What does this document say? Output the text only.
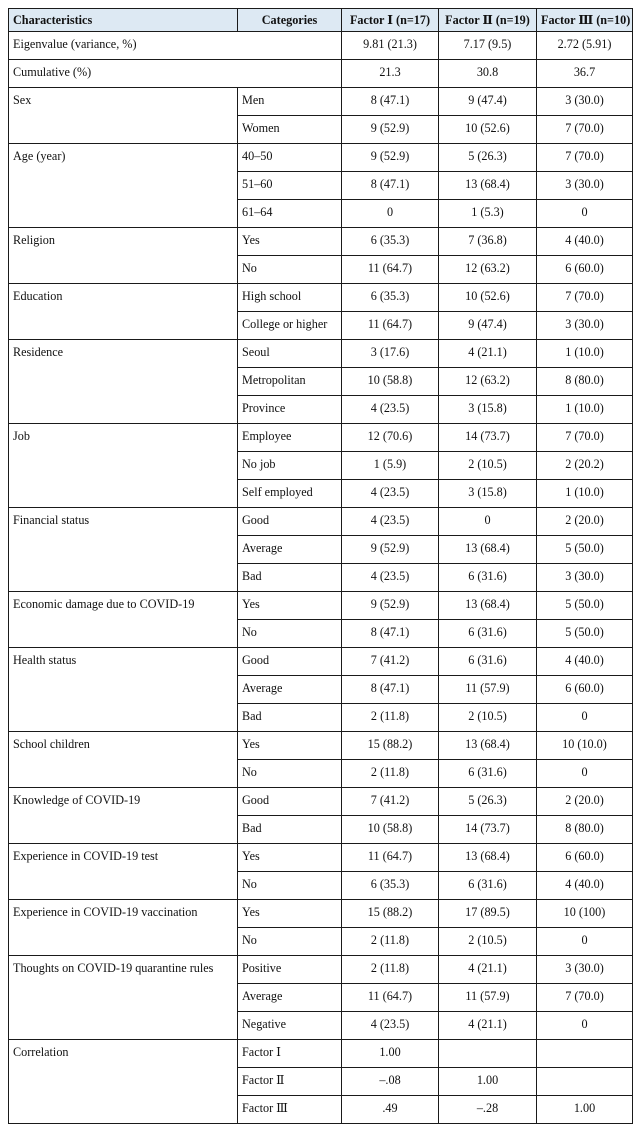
Characteristics	Categories	Factor Ⅰ (n=17)	Factor Ⅱ (n=19)	Factor Ⅲ (n=10)
Eigenvalue (variance, %)		9.81 (21.3)	7.17 (9.5)	2.72 (5.91)
Cumulative (%)		21.3	30.8	36.7
Sex	Men	8 (47.1)	9 (47.4)	3 (30.0)
	Women	9 (52.9)	10 (52.6)	7 (70.0)
Age (year)	40–50	9 (52.9)	5 (26.3)	7 (70.0)
	51–60	8 (47.1)	13 (68.4)	3 (30.0)
	61–64	0	1 (5.3)	0
Religion	Yes	6 (35.3)	7 (36.8)	4 (40.0)
	No	11 (64.7)	12 (63.2)	6 (60.0)
Education	High school	6 (35.3)	10 (52.6)	7 (70.0)
	College or higher	11 (64.7)	9 (47.4)	3 (30.0)
Residence	Seoul	3 (17.6)	4 (21.1)	1 (10.0)
	Metropolitan	10 (58.8)	12 (63.2)	8 (80.0)
	Province	4 (23.5)	3 (15.8)	1 (10.0)
Job	Employee	12 (70.6)	14 (73.7)	7 (70.0)
	No job	1 (5.9)	2 (10.5)	2 (20.2)
	Self employed	4 (23.5)	3 (15.8)	1 (10.0)
Financial status	Good	4 (23.5)	0	2 (20.0)
	Average	9 (52.9)	13 (68.4)	5 (50.0)
	Bad	4 (23.5)	6 (31.6)	3 (30.0)
Economic damage due to COVID-19	Yes	9 (52.9)	13 (68.4)	5 (50.0)
	No	8 (47.1)	6 (31.6)	5 (50.0)
Health status	Good	7 (41.2)	6 (31.6)	4 (40.0)
	Average	8 (47.1)	11 (57.9)	6 (60.0)
	Bad	2 (11.8)	2 (10.5)	0
School children	Yes	15 (88.2)	13 (68.4)	10 (10.0)
	No	2 (11.8)	6 (31.6)	0
Knowledge of COVID-19	Good	7 (41.2)	5 (26.3)	2 (20.0)
	Bad	10 (58.8)	14 (73.7)	8 (80.0)
Experience in COVID-19 test	Yes	11 (64.7)	13 (68.4)	6 (60.0)
	No	6 (35.3)	6 (31.6)	4 (40.0)
Experience in COVID-19 vaccination	Yes	15 (88.2)	17 (89.5)	10 (100)
	No	2 (11.8)	2 (10.5)	0
Thoughts on COVID-19 quarantine rules	Positive	2 (11.8)	4 (21.1)	3 (30.0)
	Average	11 (64.7)	11 (57.9)	7 (70.0)
	Negative	4 (23.5)	4 (21.1)	0
Correlation	Factor Ⅰ	1.00		
	Factor Ⅱ	–.08	1.00	
	Factor Ⅲ	.49	–.28	1.00
